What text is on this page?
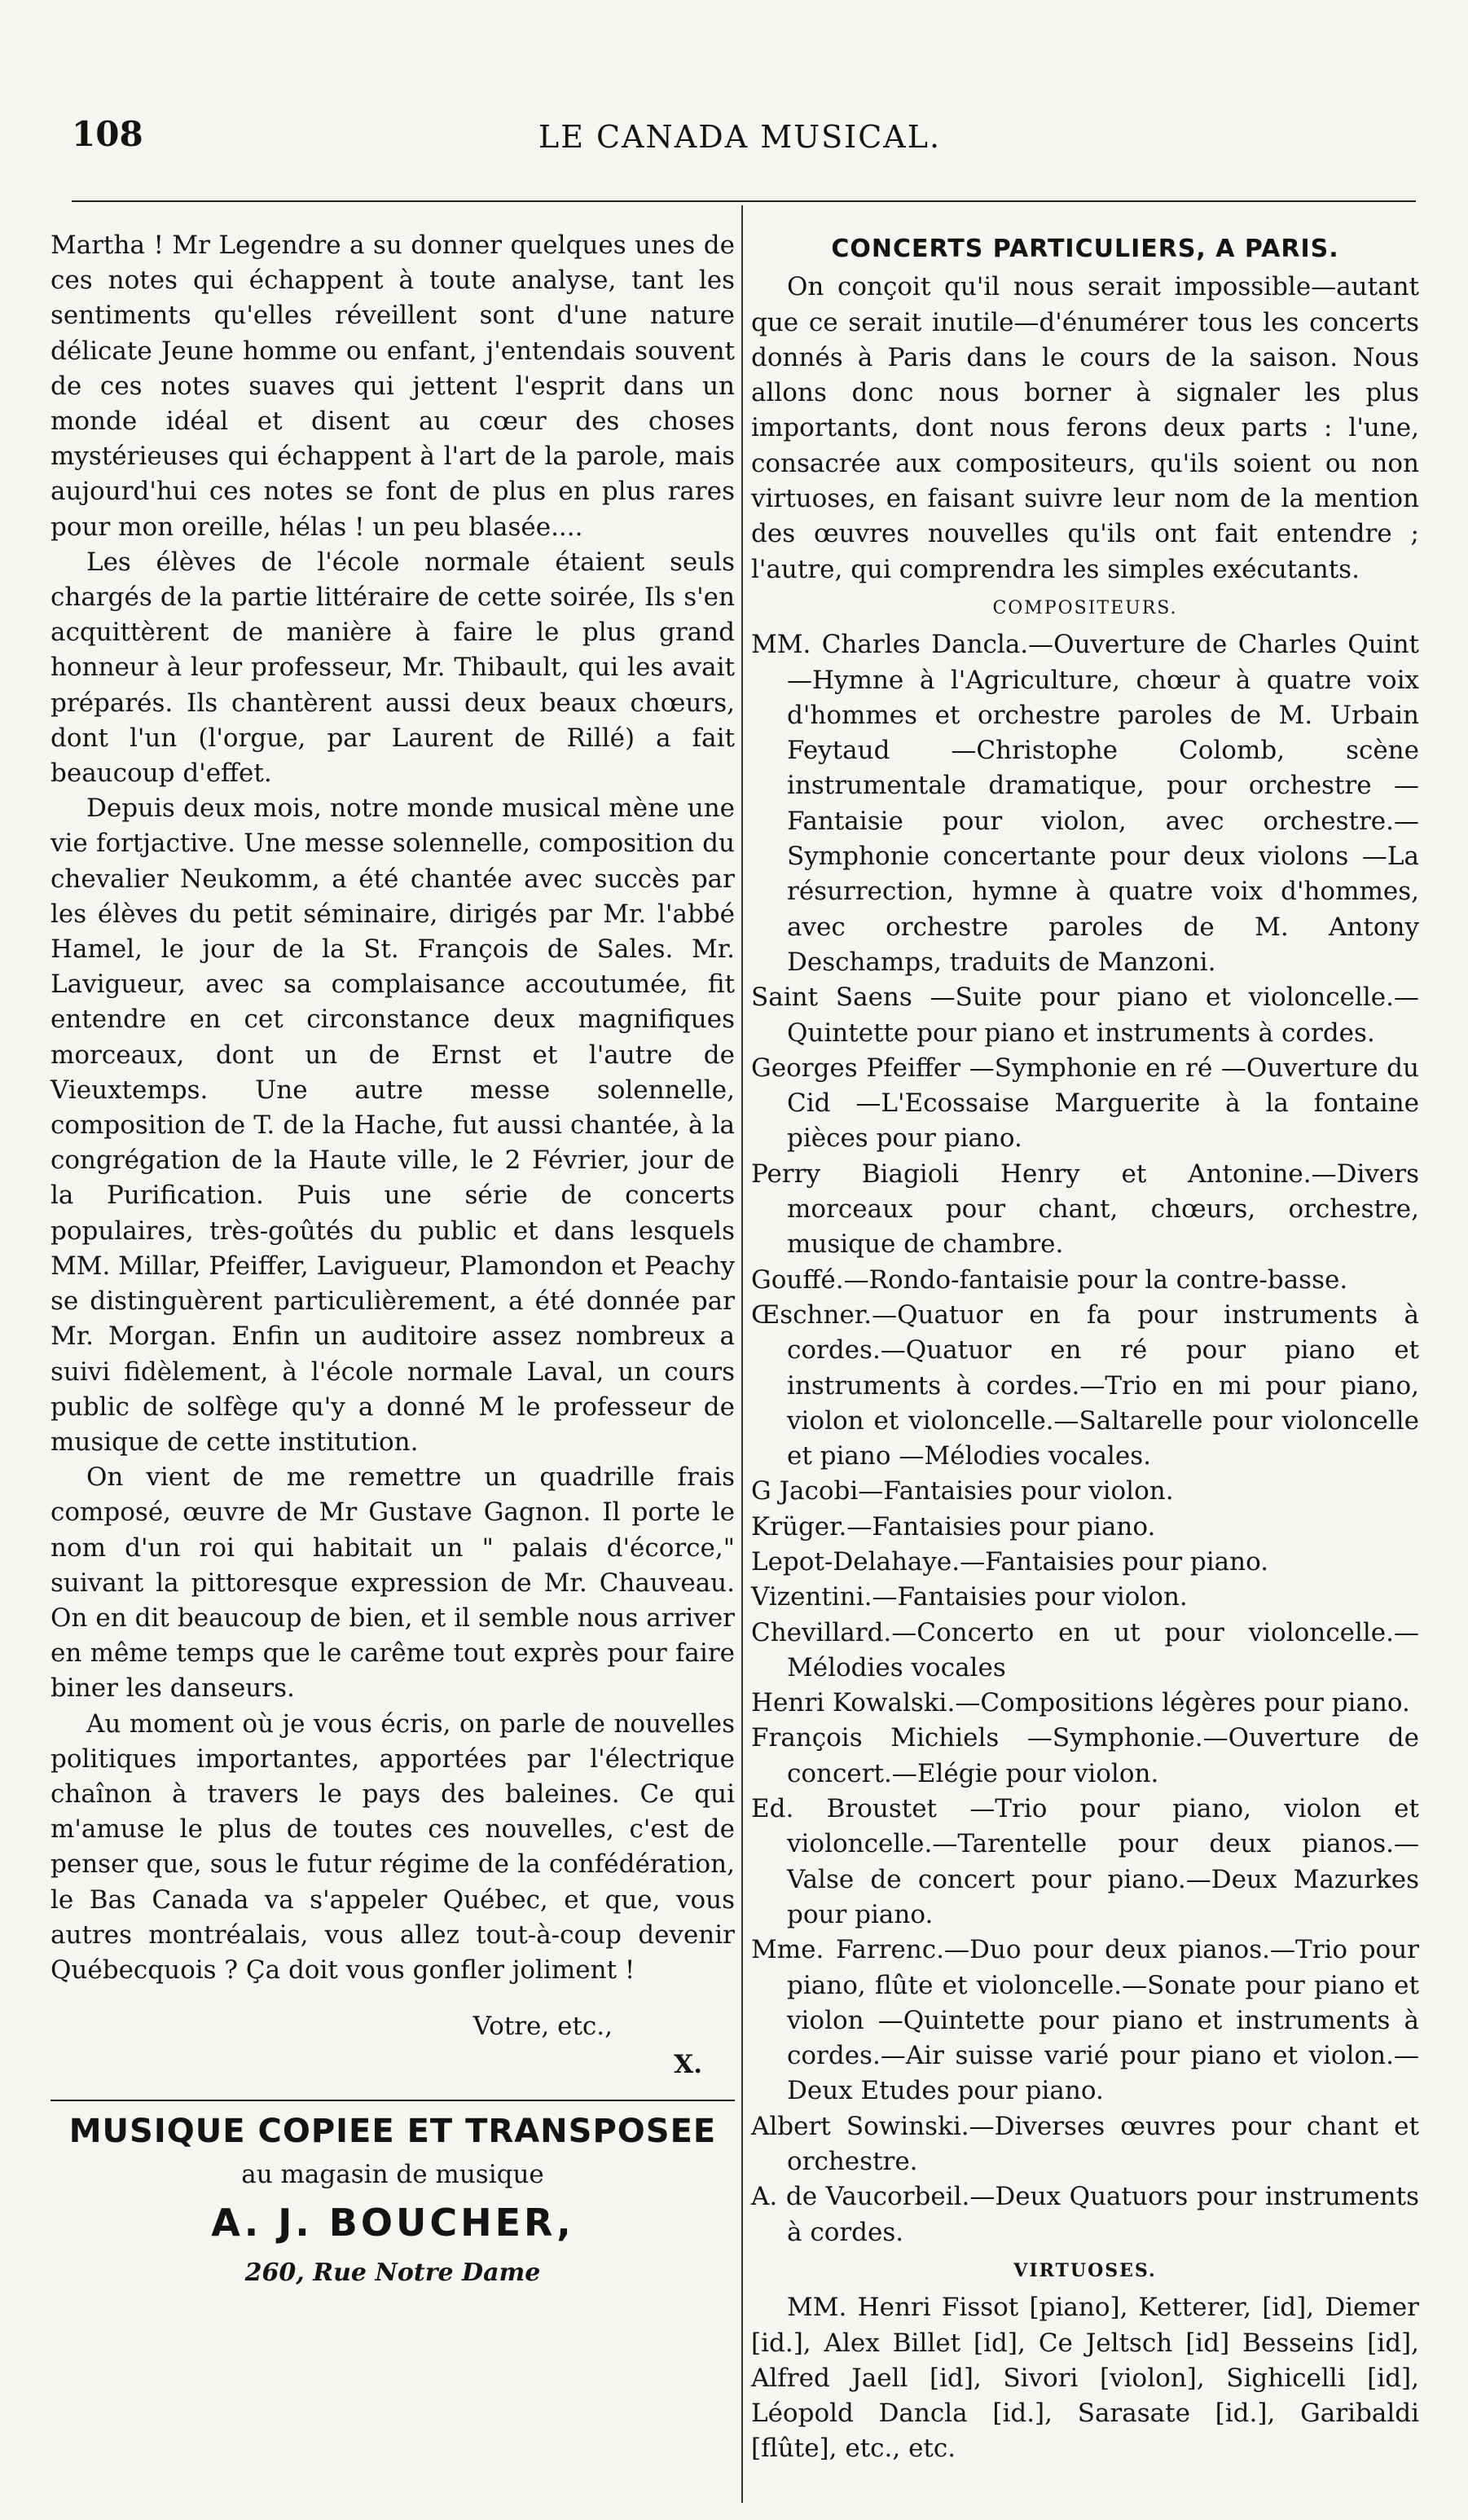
108	LE CANADA MUSICAL.

Martha ! Mr Legendre a su donner quelques unes de ces notes qui échappent à toute analyse, tant les sentiments qu'elles réveillent sont d'une nature délicate Jeune homme ou enfant, j'entendais souvent de ces notes suaves qui jettent l'esprit dans un monde idéal et disent au cœur des choses mystérieuses qui échappent à l'art de la parole, mais aujourd'hui ces notes se font de plus en plus rares pour mon oreille, hélas ! un peu blasée....

Les élèves de l'école normale étaient seuls chargés de la partie littéraire de cette soirée, Ils s'en acquittèrent de manière à faire le plus grand honneur à leur professeur, Mr. Thibault, qui les avait préparés. Ils chantèrent aussi deux beaux chœurs, dont l'un (l'orgue, par Laurent de Rillé) a fait beaucoup d'effet.

Depuis deux mois, notre monde musical mène une vie fortjactive. Une messe solennelle, composition du chevalier Neukomm, a été chantée avec succès par les élèves du petit séminaire, dirigés par Mr. l'abbé Hamel, le jour de la St. François de Sales. Mr. Lavigueur, avec sa complaisance accoutumée, fit entendre en cet circonstance deux magnifiques morceaux, dont un de Ernst et l'autre de Vieuxtemps. Une autre messe solennelle, composition de T. de la Hache, fut aussi chantée, à la congrégation de la Haute ville, le 2 Février, jour de la Purification. Puis une série de concerts populaires, très-goûtés du public et dans lesquels MM. Millar, Pfeiffer, Lavigueur, Plamondon et Peachy se distinguèrent particulièrement, a été donnée par Mr. Morgan. Enfin un auditoire assez nombreux a suivi fidèlement, à l'école normale Laval, un cours public de solfège qu'y a donné M le professeur de musique de cette institution.

On vient de me remettre un quadrille frais composé, œuvre de Mr Gustave Gagnon. Il porte le nom d'un roi qui habitait un " palais d'écorce," suivant la pittoresque expression de Mr. Chauveau. On en dit beaucoup de bien, et il semble nous arriver en même temps que le carême tout exprès pour faire biner les danseurs.

Au moment où je vous écris, on parle de nouvelles politiques importantes, apportées par l'électrique chaînon à travers le pays des baleines. Ce qui m'amuse le plus de toutes ces nouvelles, c'est de penser que, sous le futur régime de la confédération, le Bas Canada va s'appeler Québec, et que, vous autres montréalais, vous allez tout-à-coup devenir Québecquois ? Ça doit vous gonfler joliment !

Votre, etc.,

X.

MUSIQUE COPIEE ET TRANSPOSEE
au magasin de musique
A. J. BOUCHER,
260, Rue Notre Dame
CONCERTS PARTICULIERS, A PARIS.

On conçoit qu'il nous serait impossible—autant que ce serait inutile—d'énumérer tous les concerts donnés à Paris dans le cours de la saison. Nous allons donc nous borner à signaler les plus importants, dont nous ferons deux parts : l'une, consacrée aux compositeurs, qu'ils soient ou non virtuoses, en faisant suivre leur nom de la mention des œuvres nouvelles qu'ils ont fait entendre ; l'autre, qui comprendra les simples exécutants.

COMPOSITEURS.

MM. Charles Dancla.—Ouverture de Charles Quint —Hymne à l'Agriculture, chœur à quatre voix d'hommes et orchestre paroles de M. Urbain Feytaud —Christophe Colomb, scène instrumentale dramatique, pour orchestre —Fantaisie pour violon, avec orchestre.—Symphonie concertante pour deux violons —La résurrection, hymne à quatre voix d'hommes, avec orchestre paroles de M. Antony Deschamps, traduits de Manzoni.

Saint Saens —Suite pour piano et violoncelle.—Quintette pour piano et instruments à cordes.

Georges Pfeiffer —Symphonie en ré —Ouverture du Cid —L'Ecossaise Marguerite à la fontaine pièces pour piano.

Perry Biagioli Henry et Antonine.—Divers morceaux pour chant, chœurs, orchestre, musique de chambre.

Gouffé.—Rondo-fantaisie pour la contre-basse.

Œschner.—Quatuor en fa pour instruments à cordes.—Quatuor en ré pour piano et instruments à cordes.—Trio en mi pour piano, violon et violoncelle.—Saltarelle pour violoncelle et piano —Mélodies vocales.

G Jacobi—Fantaisies pour violon.

Krüger.—Fantaisies pour piano.

Lepot-Delahaye.—Fantaisies pour piano.

Vizentini.—Fantaisies pour violon.

Chevillard.—Concerto en ut pour violoncelle.—Mélodies vocales

Henri Kowalski.—Compositions légères pour piano.

François Michiels —Symphonie.—Ouverture de concert.—Elégie pour violon.

Ed. Broustet —Trio pour piano, violon et violoncelle.—Tarentelle pour deux pianos.— Valse de concert pour piano.—Deux Mazurkes pour piano.

Mme. Farrenc.—Duo pour deux pianos.—Trio pour piano, flûte et violoncelle.—Sonate pour piano et violon —Quintette pour piano et instruments à cordes.—Air suisse varié pour piano et violon.—Deux Etudes pour piano.

Albert Sowinski.—Diverses œuvres pour chant et orchestre.

A. de Vaucorbeil.—Deux Quatuors pour instruments à cordes.

VIRTUOSES.

MM. Henri Fissot [piano], Ketterer, [id], Diemer [id.], Alex Billet [id], Ce Jeltsch [id] Besseins [id], Alfred Jaell [id], Sivori [violon], Sighicelli [id], Léopold Dancla [id.], Sarasate [id.], Garibaldi [flûte], etc., etc.
